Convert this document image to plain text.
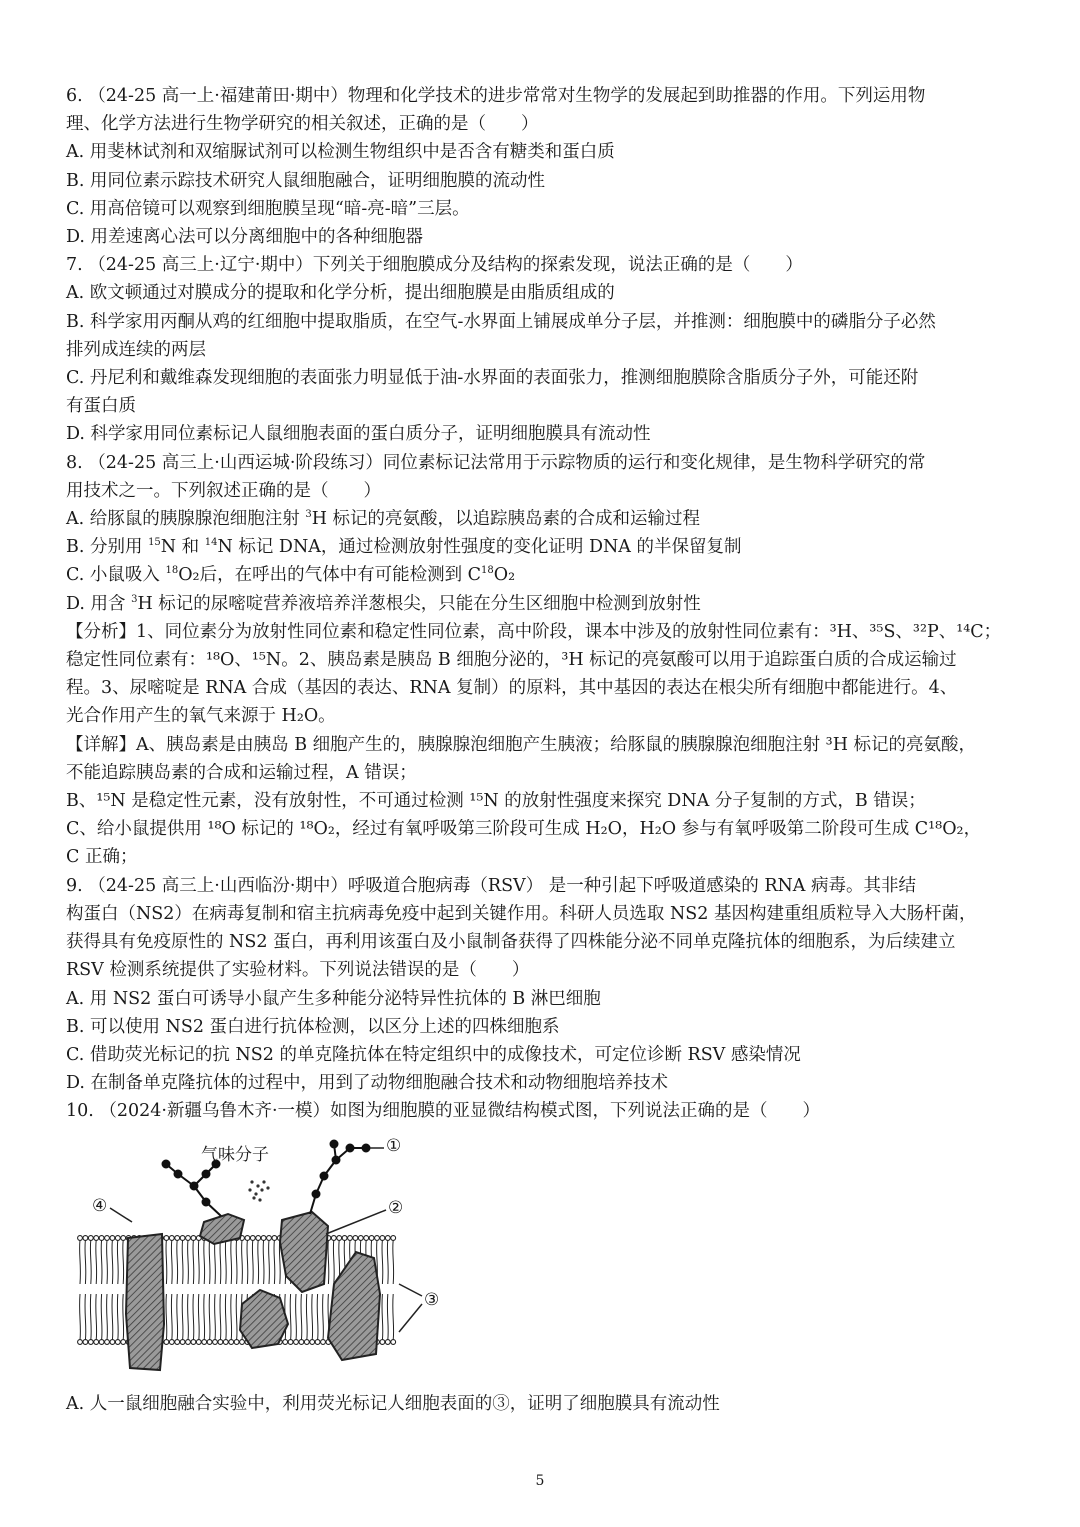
6. （24-25 高一上·福建莆田·期中）物理和化学技术的进步常常对生物学的发展起到助推器的作用。下列运用物
理、化学方法进行生物学研究的相关叙述，正确的是（　　）
A. 用斐林试剂和双缩脲试剂可以检测生物组织中是否含有糖类和蛋白质
B. 用同位素示踪技术研究人鼠细胞融合，证明细胞膜的流动性
C. 用高倍镜可以观察到细胞膜呈现“暗-亮-暗”三层。
D. 用差速离心法可以分离细胞中的各种细胞器
7. （24-25 高三上·辽宁·期中）下列关于细胞膜成分及结构的探索发现，说法正确的是（　　）
A. 欧文顿通过对膜成分的提取和化学分析，提出细胞膜是由脂质组成的
B. 科学家用丙酮从鸡的红细胞中提取脂质，在空气-水界面上铺展成单分子层，并推测：细胞膜中的磷脂分子必然
排列成连续的两层
C. 丹尼利和戴维森发现细胞的表面张力明显低于油-水界面的表面张力，推测细胞膜除含脂质分子外，可能还附
有蛋白质
D. 科学家用同位素标记人鼠细胞表面的蛋白质分子，证明细胞膜具有流动性
8. （24-25 高三上·山西运城·阶段练习）同位素标记法常用于示踪物质的运行和变化规律，是生物科学研究的常
用技术之一。下列叙述正确的是（　　）
A. 给豚鼠的胰腺腺泡细胞注射 $^3$H 标记的亮氨酸，以追踪胰岛素的合成和运输过程
B. 分别用 $^{15}$N 和 $^{14}$N 标记 DNA，通过检测放射性强度的变化证明 DNA 的半保留复制
C. 小鼠吸入 $^{18}$O₂后，在呼出的气体中有可能检测到 $C^{18}O_2$
D. 用含 $^3$H 标记的尿嘧啶营养液培养洋葱根尖，只能在分生区细胞中检测到放射性
【分析】1、同位素分为放射性同位素和稳定性同位素，高中阶段，课本中涉及的放射性同位素有：³H、³⁵S、³²P、¹⁴C；
稳定性同位素有：¹⁸O、¹⁵N。2、胰岛素是胰岛 B 细胞分泌的，³H 标记的亮氨酸可以用于追踪蛋白质的合成运输过
程。3、尿嘧啶是 RNA 合成（基因的表达、RNA 复制）的原料，其中基因的表达在根尖所有细胞中都能进行。4、
光合作用产生的氧气来源于 H₂O。
【详解】A、胰岛素是由胰岛 B 细胞产生的，胰腺腺泡细胞产生胰液；给豚鼠的胰腺腺泡细胞注射 ³H 标记的亮氨酸，
不能追踪胰岛素的合成和运输过程，A 错误；
B、¹⁵N 是稳定性元素，没有放射性，不可通过检测 ¹⁵N 的放射性强度来探究 DNA 分子复制的方式，B 错误；
C、给小鼠提供用 ¹⁸O 标记的 ¹⁸O₂，经过有氧呼吸第三阶段可生成 H₂O，H₂O 参与有氧呼吸第二阶段可生成 C¹⁸O₂，
C 正确；
9. （24-25 高三上·山西临汾·期中）呼吸道合胞病毒（RSV） 是一种引起下呼吸道感染的 RNA 病毒。其非结
构蛋白（NS2）在病毒复制和宿主抗病毒免疫中起到关键作用。科研人员选取 NS2 基因构建重组质粒导入大肠杆菌，
获得具有免疫原性的 NS2 蛋白，再利用该蛋白及小鼠制备获得了四株能分泌不同单克隆抗体的细胞系，为后续建立
RSV 检测系统提供了实验材料。下列说法错误的是（　　）
A. 用 NS2 蛋白可诱导小鼠产生多种能分泌特异性抗体的 B 淋巴细胞
B. 可以使用 NS2 蛋白进行抗体检测，以区分上述的四株细胞系
C. 借助荧光标记的抗 NS2 的单克隆抗体在特定组织中的成像技术，可定位诊断 RSV 感染情况
D. 在制备单克隆抗体的过程中，用到了动物细胞融合技术和动物细胞培养技术
10. （2024·新疆乌鲁木齐·一模）如图为细胞膜的亚显微结构模式图，下列说法正确的是（　　）
气味分子	①
②
③
④
A. 人一鼠细胞融合实验中，利用荧光标记人细胞表面的③，证明了细胞膜具有流动性
5
